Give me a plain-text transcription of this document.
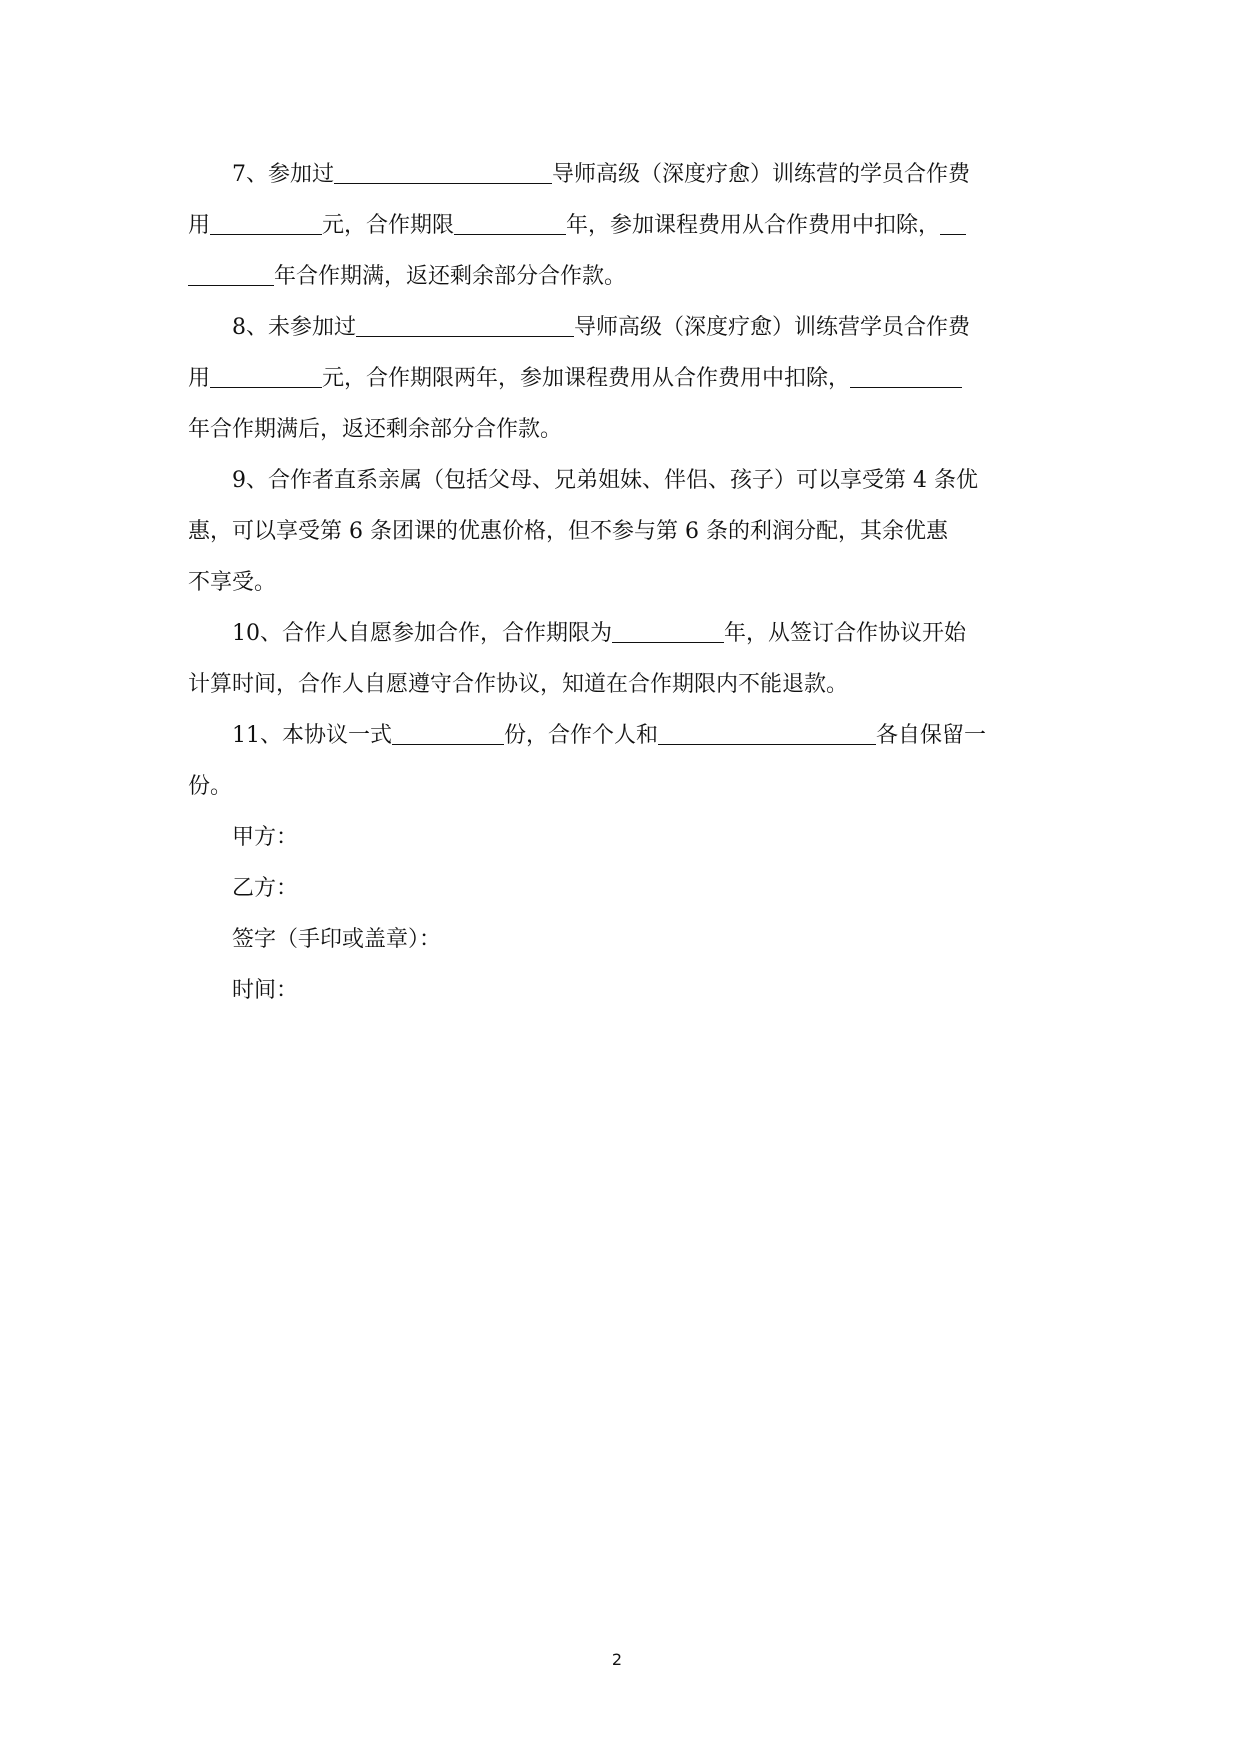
7、参加过	导师高级（深度疗愈）训练营的学员合作费
用	元，合作期限	年，参加课程费用从合作费用中扣除，
年合作期满，返还剩余部分合作款。
8、未参加过	导师高级（深度疗愈）训练营学员合作费
用	元，合作期限两年，参加课程费用从合作费用中扣除，
年合作期满后，返还剩余部分合作款。
9、合作者直系亲属（包括父母、兄弟姐妹、伴侣、孩子）可以享受第 4 条优
惠，可以享受第 6 条团课的优惠价格，但不参与第 6 条的利润分配，其余优惠
不享受。
10、合作人自愿参加合作，合作期限为	年，从签订合作协议开始
计算时间，合作人自愿遵守合作协议，知道在合作期限内不能退款。
11、本协议一式	份，合作个人和	各自保留一
份。
甲方：
乙方：
签字（手印或盖章）：
时间：
2
